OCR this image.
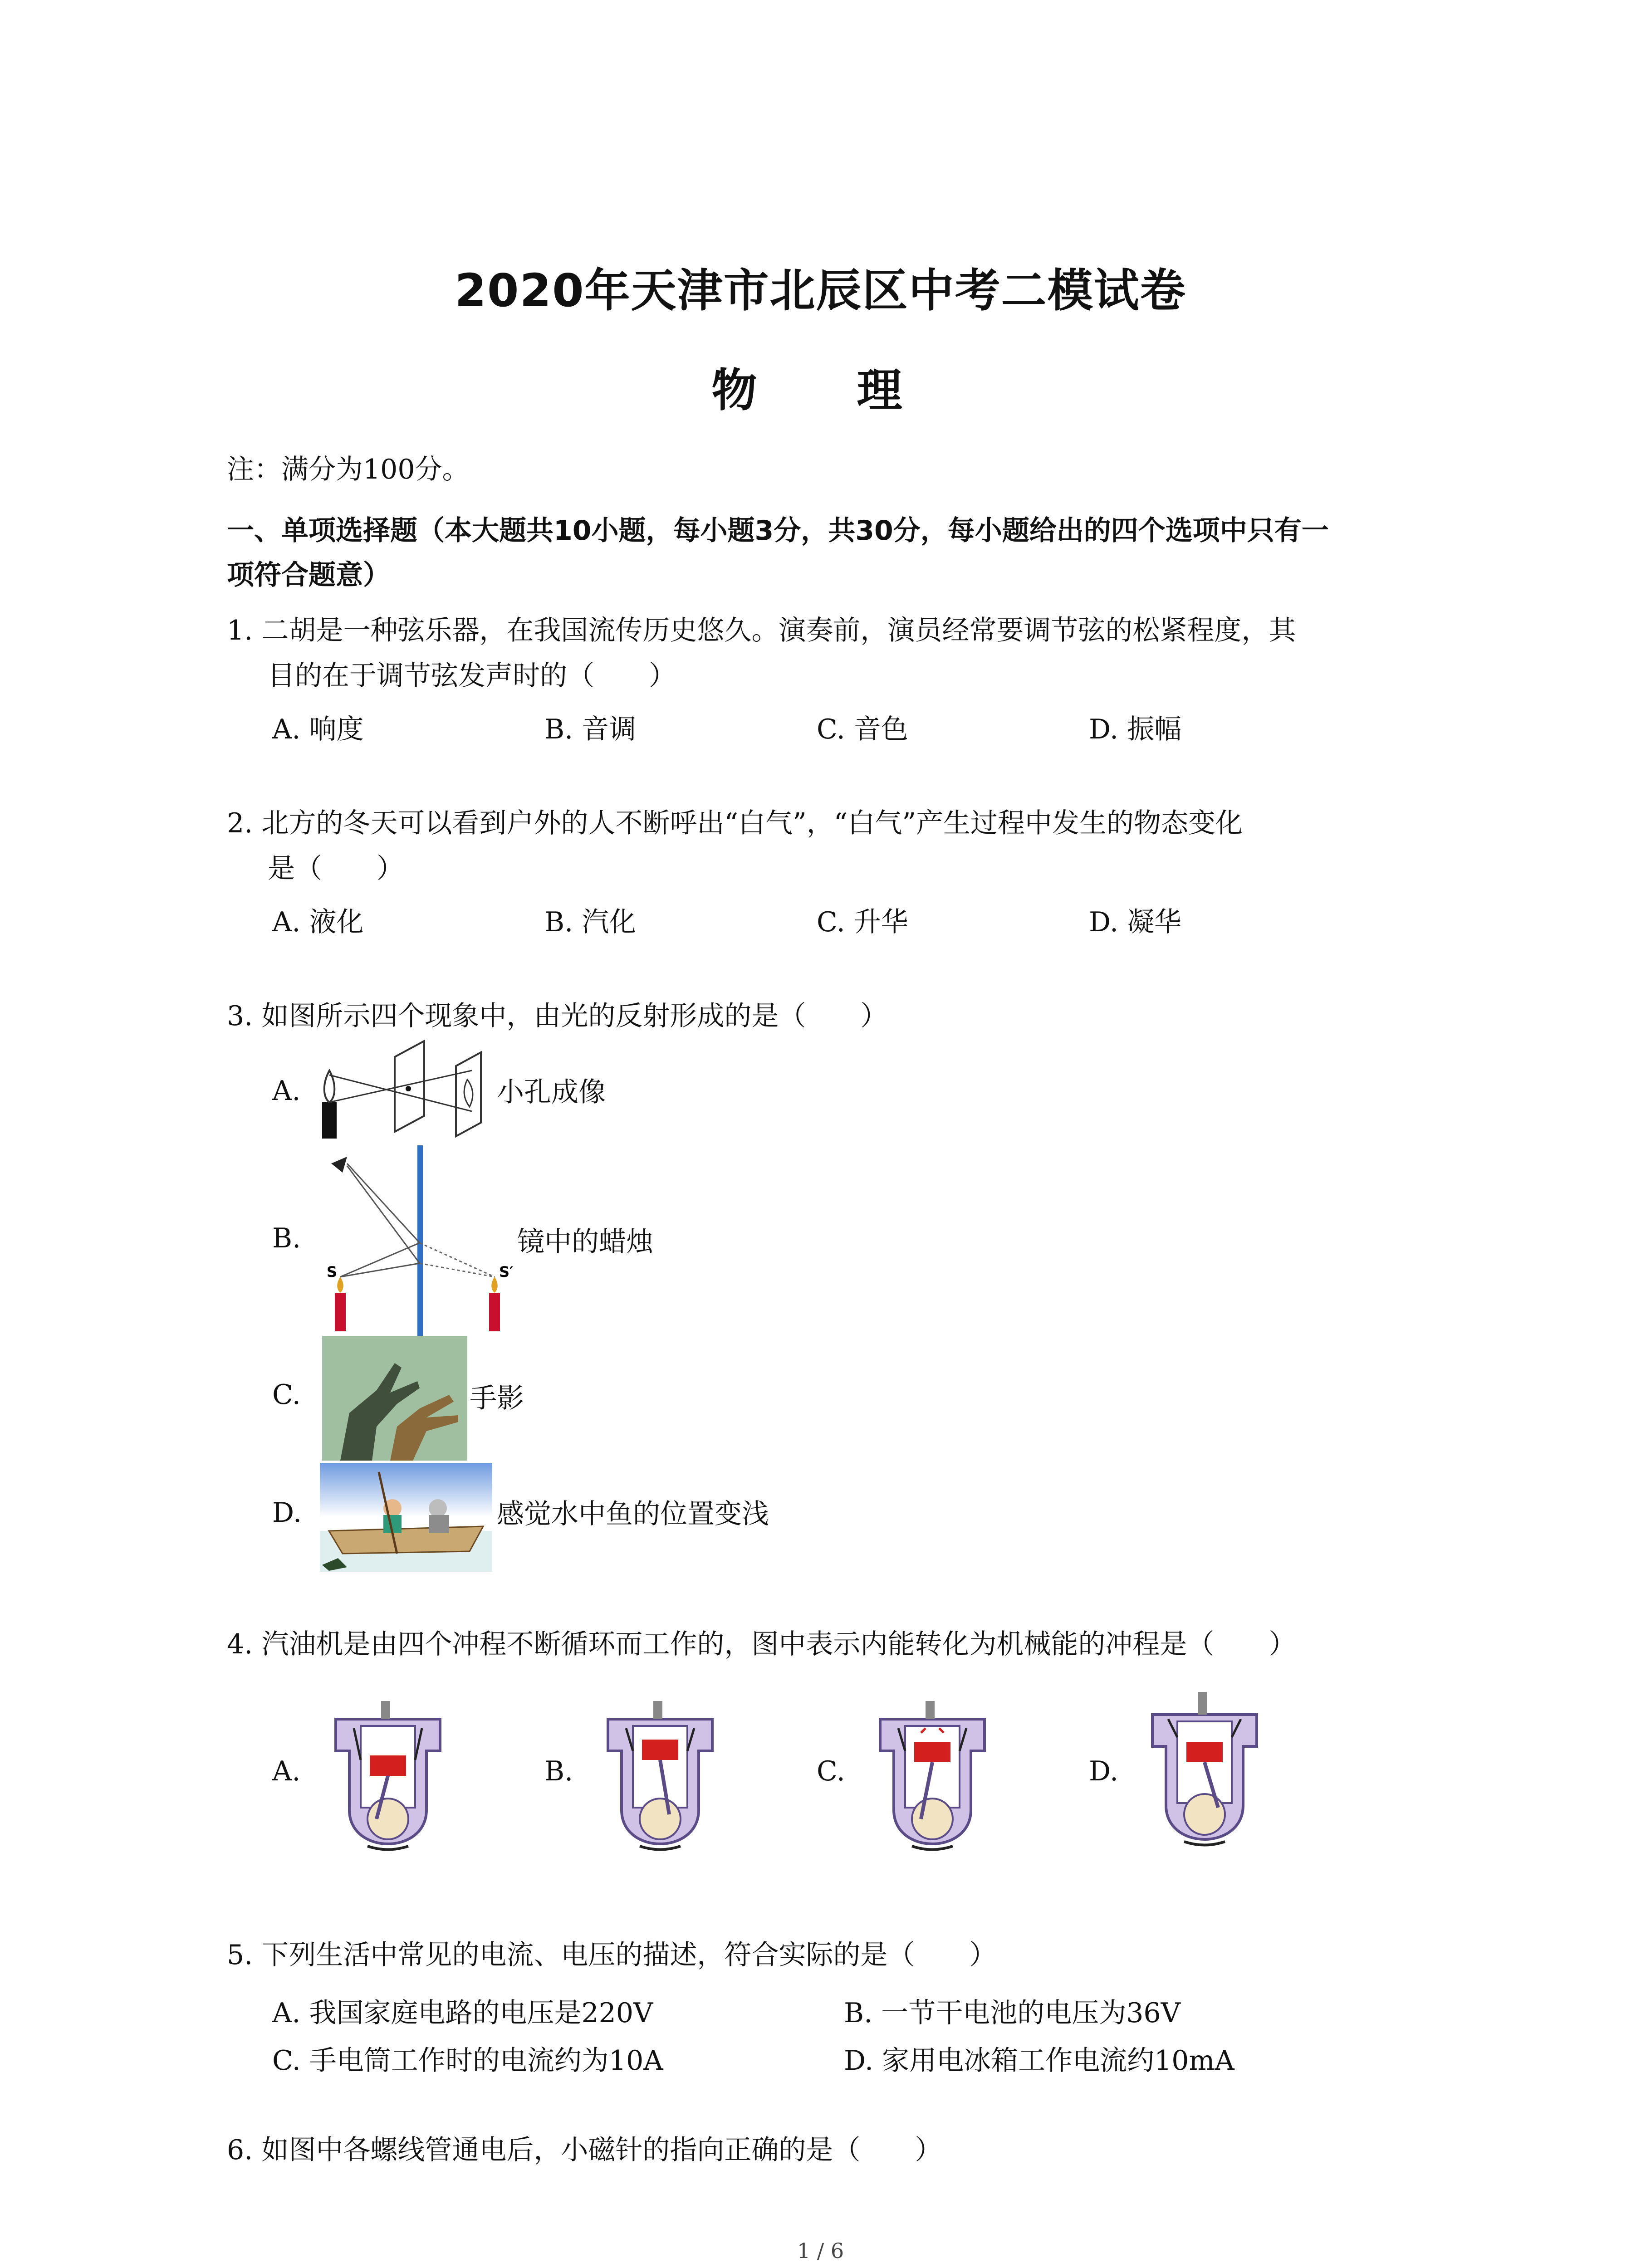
2020年天津市北辰区中考二模试卷
物　理
注：满分为100分。
一、单项选择题（本大题共10小题，每小题3分，共30分，每小题给出的四个选项中只有一
项符合题意）
1. 二胡是一种弦乐器，在我国流传历史悠久。演奏前，演员经常要调节弦的松紧程度，其
目的在于调节弦发声时的（　　）
A. 响度	B. 音调	C. 音色	D. 振幅
2. 北方的冬天可以看到户外的人不断呼出“白气”，“白气”产生过程中发生的物态变化
是（　　）
A. 液化	B. 汽化	C. 升华	D. 凝华
3. 如图所示四个现象中，由光的反射形成的是（　　）
A.	小孔成像
B.
S	S′
镜中的蜡烛
C.	手影
D.	感觉水中鱼的位置变浅
4. 汽油机是由四个冲程不断循环而工作的，图中表示内能转化为机械能的冲程是（　　）
A.	B.	C.	D.
5. 下列生活中常见的电流、电压的描述，符合实际的是（　　）
A. 我国家庭电路的电压是220V	B. 一节干电池的电压为36V
C. 手电筒工作时的电流约为10A	D. 家用电冰箱工作电流约10mA
6. 如图中各螺线管通电后，小磁针的指向正确的是（　　）
1 / 6
